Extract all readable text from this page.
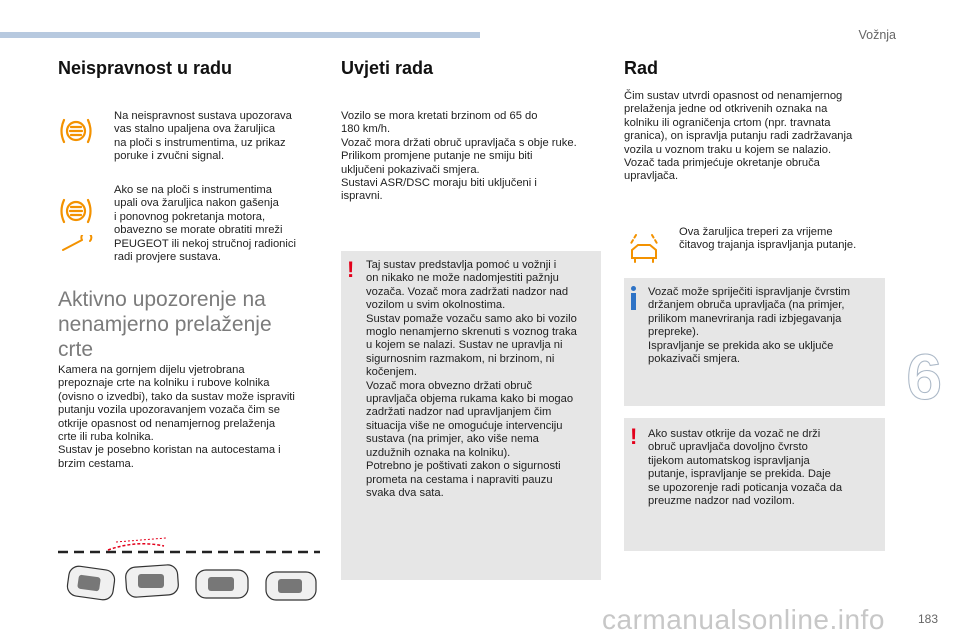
Vožnja
6
183
Neispravnost u radu
Na neispravnost sustava upozorava
vas stalno upaljena ova žaruljica
na ploči s instrumentima, uz prikaz
poruke i zvučni signal.
Ako se na ploči s instrumentima
upali ova žaruljica nakon gašenja
i ponovnog pokretanja motora,
obavezno se morate obratiti mreži
PEUGEOT ili nekoj stručnoj radionici
radi provjere sustava.
Aktivno upozorenje na
nenamjerno prelaženje
crte
Kamera na gornjem dijelu vjetrobrana
prepoznaje crte na kolniku i rubove kolnika
(ovisno o izvedbi), tako da sustav može ispraviti
putanju vozila upozoravanjem vozača čim se
otkrije opasnost od nenamjernog prelaženja
crte ili ruba kolnika.
Sustav je posebno koristan na autocestama i
brzim cestama.
Uvjeti rada
Vozilo se mora kretati brzinom od 65 do
180 km/h.
Vozač mora držati obruč upravljača s obje ruke.
Prilikom promjene putanje ne smiju biti
uključeni pokazivači smjera.
Sustavi ASR/DSC moraju biti uključeni i
ispravni.
! Taj sustav predstavlja pomoć u vožnji i
on nikako ne može nadomjestiti pažnju
vozača. Vozač mora zadržati nadzor nad
vozilom u svim okolnostima.
Sustav pomaže vozaču samo ako bi vozilo
moglo nenamjerno skrenuti s voznog traka
u kojem se nalazi. Sustav ne upravlja ni
sigurnosnim razmakom, ni brzinom, ni
kočenjem.
Vozač mora obvezno držati obruč
upravljača objema rukama kako bi mogao
zadržati nadzor nad upravljanjem čim
situacija više ne omogućuje intervenciju
sustava (na primjer, ako više nema
uzdužnih oznaka na kolniku).
Potrebno je poštivati zakon o sigurnosti
prometa na cestama i napraviti pauzu
svaka dva sata.
Rad
Čim sustav utvrdi opasnost od nenamjernog
prelaženja jedne od otkrivenih oznaka na
kolniku ili ograničenja crtom (npr. travnata
granica), on ispravlja putanju radi zadržavanja
vozila u voznom traku u kojem se nalazio.
Vozač tada primjećuje okretanje obruča
upravljača.
Ova žaruljica treperi za vrijeme
čitavog trajanja ispravljanja putanje.
Vozač može spriječiti ispravljanje čvrstim
držanjem obruča upravljača (na primjer,
prilikom manevriranja radi izbjegavanja
prepreke).
Ispravljanje se prekida ako se uključe
pokazivači smjera.
! Ako sustav otkrije da vozač ne drži
obruč upravljača dovoljno čvrsto
tijekom automatskog ispravljanja
putanje, ispravljanje se prekida. Daje
se upozorenje radi poticanja vozača da
preuzme nadzor nad vozilom.
carmanualsonline.info
